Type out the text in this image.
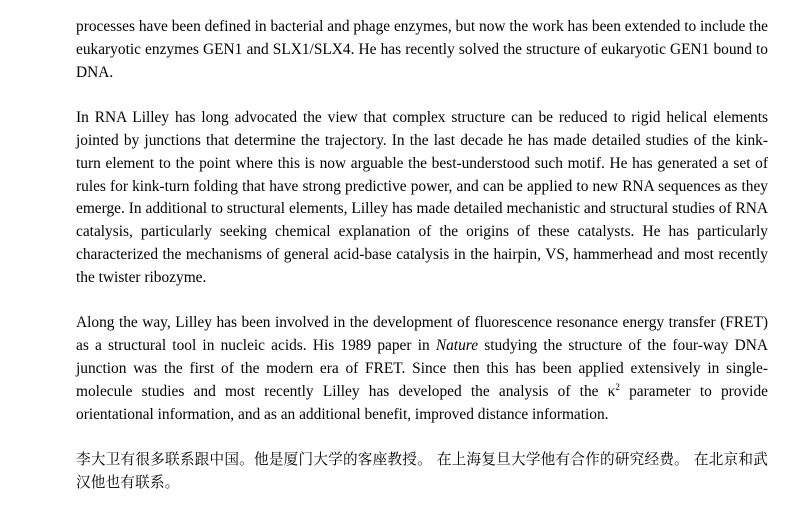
processes have been defined in bacterial and phage enzymes, but now the work has been extended to include the eukaryotic enzymes GEN1 and SLX1/SLX4. He has recently solved the structure of eukaryotic GEN1 bound to DNA.

In RNA Lilley has long advocated the view that complex structure can be reduced to rigid helical elements jointed by junctions that determine the trajectory. In the last decade he has made detailed studies of the kink-turn element to the point where this is now arguable the best-understood such motif. He has generated a set of rules for kink-turn folding that have strong predictive power, and can be applied to new RNA sequences as they emerge. In additional to structural elements, Lilley has made detailed mechanistic and structural studies of RNA catalysis, particularly seeking chemical explanation of the origins of these catalysts. He has particularly characterized the mechanisms of general acid-base catalysis in the hairpin, VS, hammerhead and most recently the twister ribozyme.

Along the way, Lilley has been involved in the development of fluorescence resonance energy transfer (FRET) as a structural tool in nucleic acids. His 1989 paper in Nature studying the structure of the four-way DNA junction was the first of the modern era of FRET. Since then this has been applied extensively in single-molecule studies and most recently Lilley has developed the analysis of the $\kappa^2$ parameter to provide orientational information, and as an additional benefit, improved distance information.

李大卫有很多联系跟中国。他是厦门大学的客座教授。 在上海复旦大学他有合作的研究经费。 在北京和武汉他也有联系。
